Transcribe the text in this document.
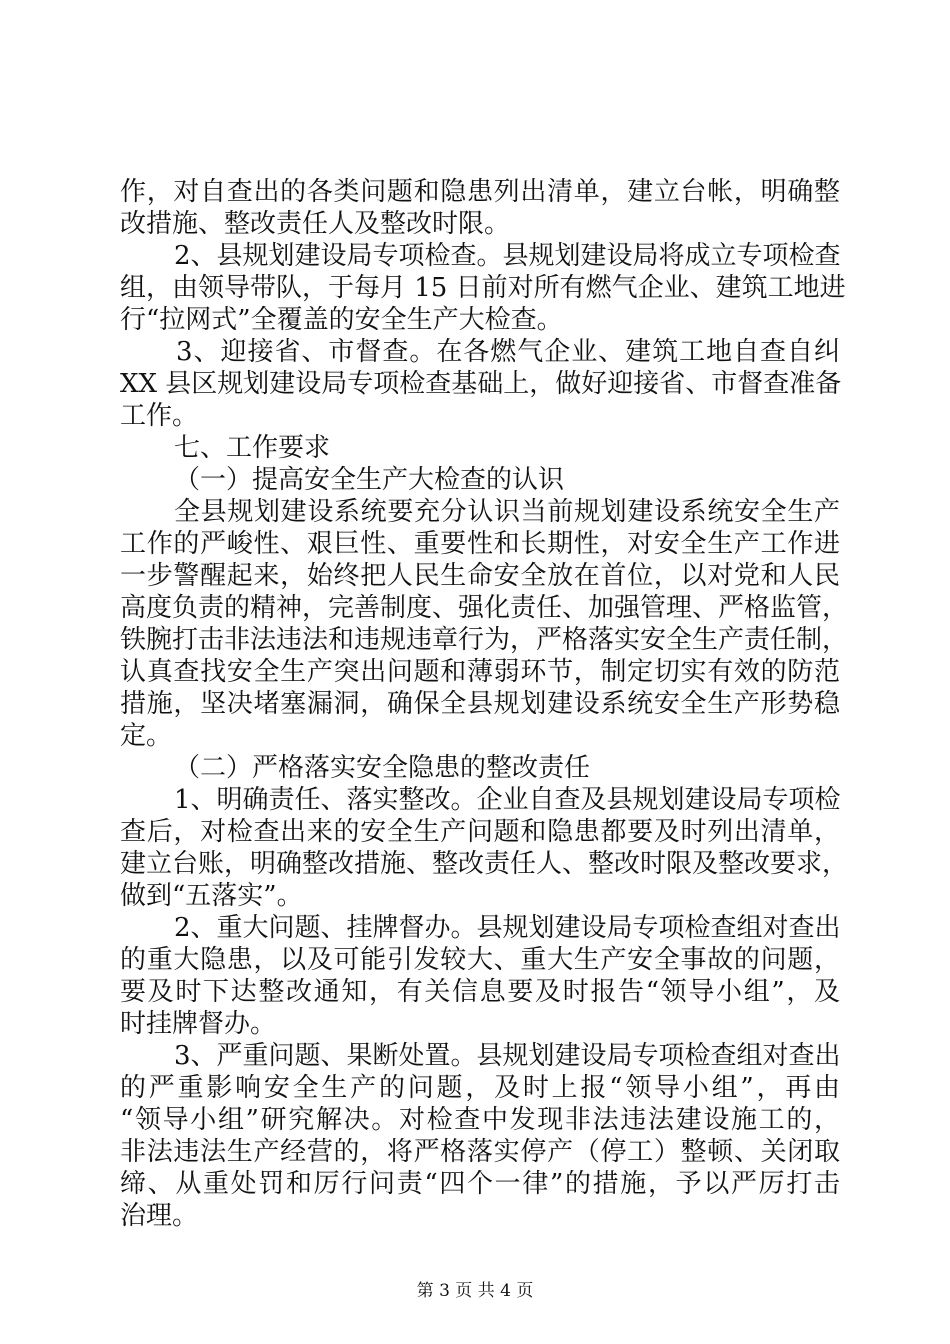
作，对自查出的各类问题和隐患列出清单，建立台帐，明确整
改措施、整改责任人及整改时限。
2、县规划建设局专项检查。县规划建设局将成立专项检查
组，由领导带队，于每月 15 日前对所有燃气企业、建筑工地进
行“拉网式”全覆盖的安全生产大检查。
3、迎接省、市督查。在各燃气企业、建筑工地自查自纠
XX 县区规划建设局专项检查基础上，做好迎接省、市督查准备
工作。
七、工作要求
（一）提高安全生产大检查的认识
全县规划建设系统要充分认识当前规划建设系统安全生产
工作的严峻性、艰巨性、重要性和长期性，对安全生产工作进
一步警醒起来，始终把人民生命安全放在首位，以对党和人民
高度负责的精神，完善制度、强化责任、加强管理、严格监管，
铁腕打击非法违法和违规违章行为，严格落实安全生产责任制，
认真查找安全生产突出问题和薄弱环节，制定切实有效的防范
措施，坚决堵塞漏洞，确保全县规划建设系统安全生产形势稳
定。
（二）严格落实安全隐患的整改责任
1、明确责任、落实整改。企业自查及县规划建设局专项检
查后，对检查出来的安全生产问题和隐患都要及时列出清单，
建立台账，明确整改措施、整改责任人、整改时限及整改要求，
做到“五落实”。
2、重大问题、挂牌督办。县规划建设局专项检查组对查出
的重大隐患，以及可能引发较大、重大生产安全事故的问题，
要及时下达整改通知，有关信息要及时报告“领导小组”，及
时挂牌督办。
3、严重问题、果断处置。县规划建设局专项检查组对查出
的严重影响安全生产的问题，及时上报“领导小组”，再由
“领导小组”研究解决。对检查中发现非法违法建设施工的，
非法违法生产经营的，将严格落实停产（停工）整顿、关闭取
缔、从重处罚和厉行问责“四个一律”的措施，予以严厉打击
治理。
第 3 页 共 4 页
